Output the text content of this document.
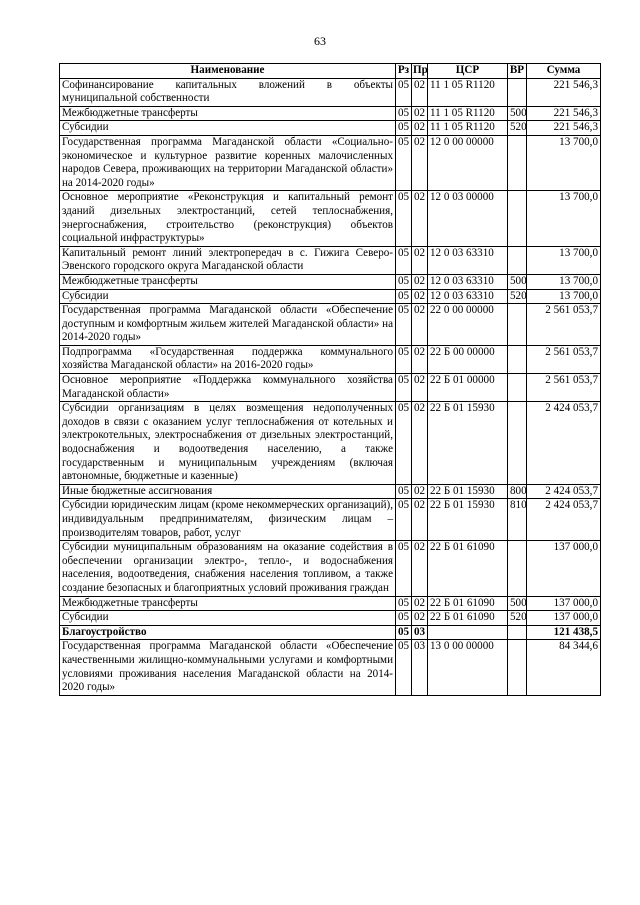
63
Наименование	Рз	Пр	ЦСР	ВР	Сумма
Софинансирование капитальных вложений в объекты муниципальной собственности	05	02	11 1 05 R1120		221 546,3
Межбюджетные трансферты	05	02	11 1 05 R1120	500	221 546,3
Субсидии	05	02	11 1 05 R1120	520	221 546,3
Государственная программа Магаданской области «Социально-экономическое и культурное развитие коренных малочисленных народов Севера, проживающих на территории Магаданской области» на 2014-2020 годы»	05	02	12 0 00 00000		13 700,0
Основное мероприятие «Реконструкция и капитальный ремонт зданий дизельных электростанций, сетей теплоснабжения, энергоснабжения, строительство (реконструкция) объектов социальной инфраструктуры»	05	02	12 0 03 00000		13 700,0
Капитальный ремонт линий электропередач в с. Гижига Северо-Эвенского городского округа Магаданской области	05	02	12 0 03 63310		13 700,0
Межбюджетные трансферты	05	02	12 0 03 63310	500	13 700,0
Субсидии	05	02	12 0 03 63310	520	13 700,0
Государственная программа Магаданской области «Обеспечение доступным и комфортным жильем жителей Магаданской области» на 2014-2020 годы»	05	02	22 0 00 00000		2 561 053,7
Подпрограмма «Государственная поддержка коммунального хозяйства Магаданской области» на 2016-2020 годы»	05	02	22 Б 00 00000		2 561 053,7
Основное мероприятие «Поддержка коммунального хозяйства Магаданской области»	05	02	22 Б 01 00000		2 561 053,7
Субсидии организациям в целях возмещения недополученных доходов в связи с оказанием услуг теплоснабжения от котельных и электрокотельных, электроснабжения от дизельных электростанций, водоснабжения и водоотведения населению, а также государственным и муниципальным учреждениям (включая автономные, бюджетные и казенные)	05	02	22 Б 01 15930		2 424 053,7
Иные бюджетные ассигнования	05	02	22 Б 01 15930	800	2 424 053,7
Субсидии юридическим лицам (кроме некоммерческих организаций), индивидуальным предпринимателям, физическим лицам – производителям товаров, работ, услуг	05	02	22 Б 01 15930	810	2 424 053,7
Субсидии муниципальным образованиям на оказание содействия в обеспечении организации электро-, тепло-, и водоснабжения населения, водоотведения, снабжения населения топливом, а также создание безопасных и благоприятных условий проживания граждан	05	02	22 Б 01 61090		137 000,0
Межбюджетные трансферты	05	02	22 Б 01 61090	500	137 000,0
Субсидии	05	02	22 Б 01 61090	520	137 000,0
Благоустройство	05	03			121 438,5
Государственная программа Магаданской области «Обеспечение качественными жилищно-коммунальными услугами и комфортными условиями проживания населения Магаданской области на 2014-2020 годы»	05	03	13 0 00 00000		84 344,6
